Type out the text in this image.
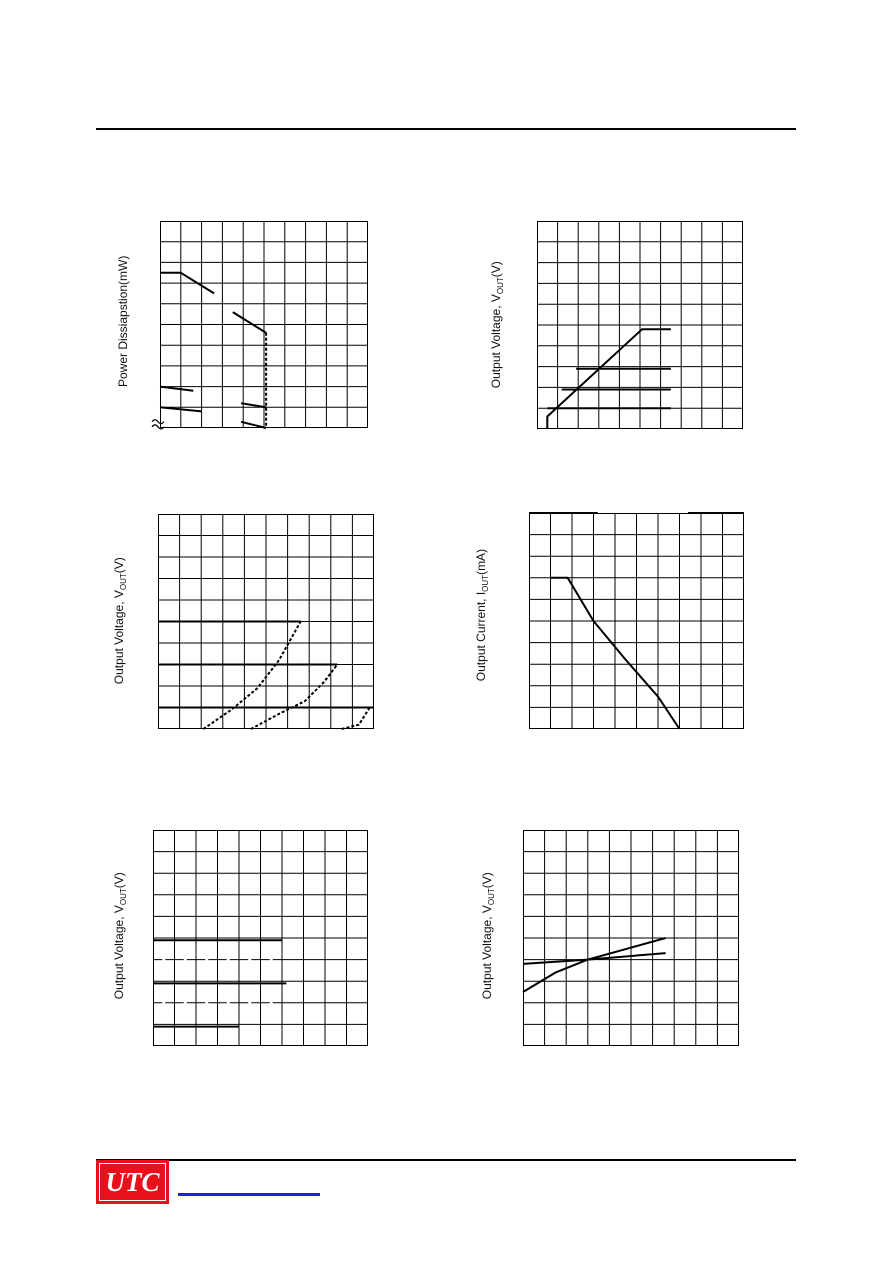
Power Dissiapstion(mW)	Output Voltage, $V_{OUT}(V)$
Output Voltage, $V_{OUT}(V)$
Output Current, $I_{OUT}(mA)$
Output Voltage, $V_{OUT}(V)$
Output Voltage, $V_{OUT}(V)$
UTC
